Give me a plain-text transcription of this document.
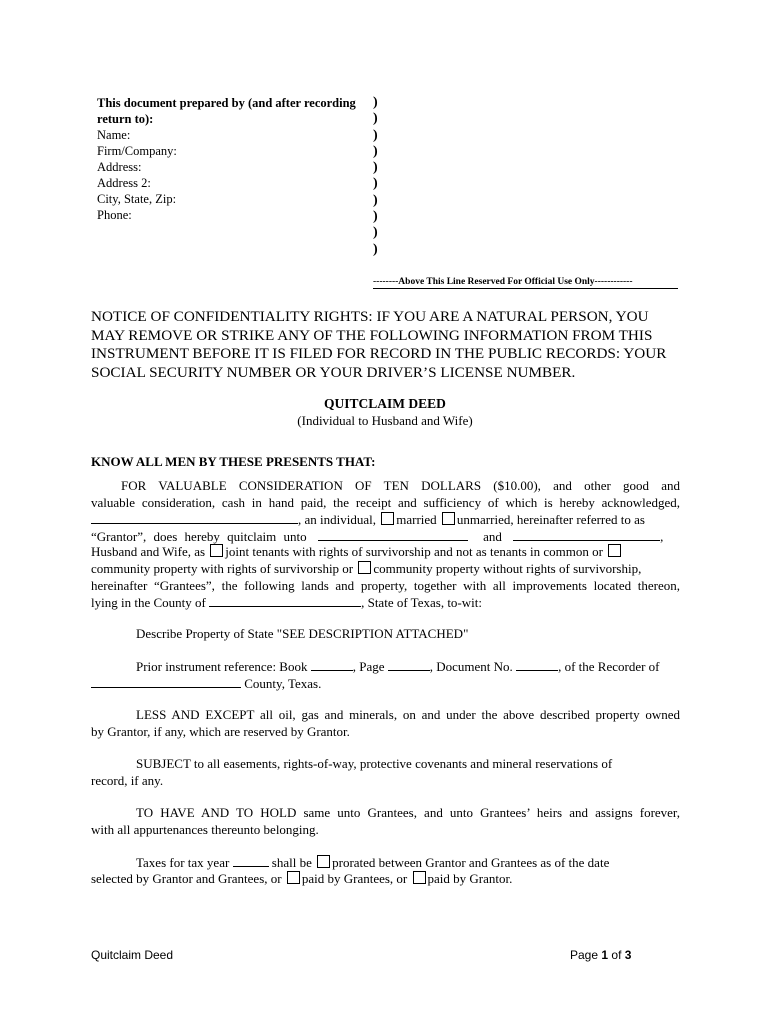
This document prepared by (and after recording
return to):
Name:
Firm/Company:
Address:
Address 2:
City, State, Zip:
Phone:
)
)
)
)
)
)
)
)
)
)
--------Above This Line Reserved For Official Use Only------------
NOTICE OF CONFIDENTIALITY RIGHTS: IF YOU ARE A NATURAL PERSON, YOU
MAY REMOVE OR STRIKE ANY OF THE FOLLOWING INFORMATION FROM THIS
INSTRUMENT BEFORE IT IS FILED FOR RECORD IN THE PUBLIC RECORDS: YOUR
SOCIAL SECURITY NUMBER OR YOUR DRIVER’S LICENSE NUMBER.
QUITCLAIM DEED
(Individual to Husband and Wife)
KNOW ALL MEN BY THESE PRESENTS THAT:
FOR VALUABLE CONSIDERATION OF TEN DOLLARS ($10.00), and other good and
valuable consideration, cash in hand paid, the receipt and sufficiency of which is hereby acknowledged,
, an individual, married unmarried, hereinafter referred to as
“Grantor”, does hereby quitclaim unto	and	,
Husband and Wife, as joint tenants with rights of survivorship and not as tenants in common or
community property with rights of survivorship or community property without rights of survivorship,
hereinafter “Grantees”, the following lands and property, together with all improvements located thereon,
lying in the County of	, State of Texas, to-wit:
Describe Property of State "SEE DESCRIPTION ATTACHED"
Prior instrument reference: Book	, Page	, Document No.	, of the Recorder of
County, Texas.
LESS AND EXCEPT all oil, gas and minerals, on and under the above described property owned
by Grantor, if any, which are reserved by Grantor.
SUBJECT to all easements, rights-of-way, protective covenants and mineral reservations of
record, if any.
TO HAVE AND TO HOLD same unto Grantees, and unto Grantees’ heirs and assigns forever,
with all appurtenances thereunto belonging.
Taxes for tax year	shall be prorated between Grantor and Grantees as of the date
selected by Grantor and Grantees, or paid by Grantees, or paid by Grantor.
Quitclaim Deed	Page 1 of 3
